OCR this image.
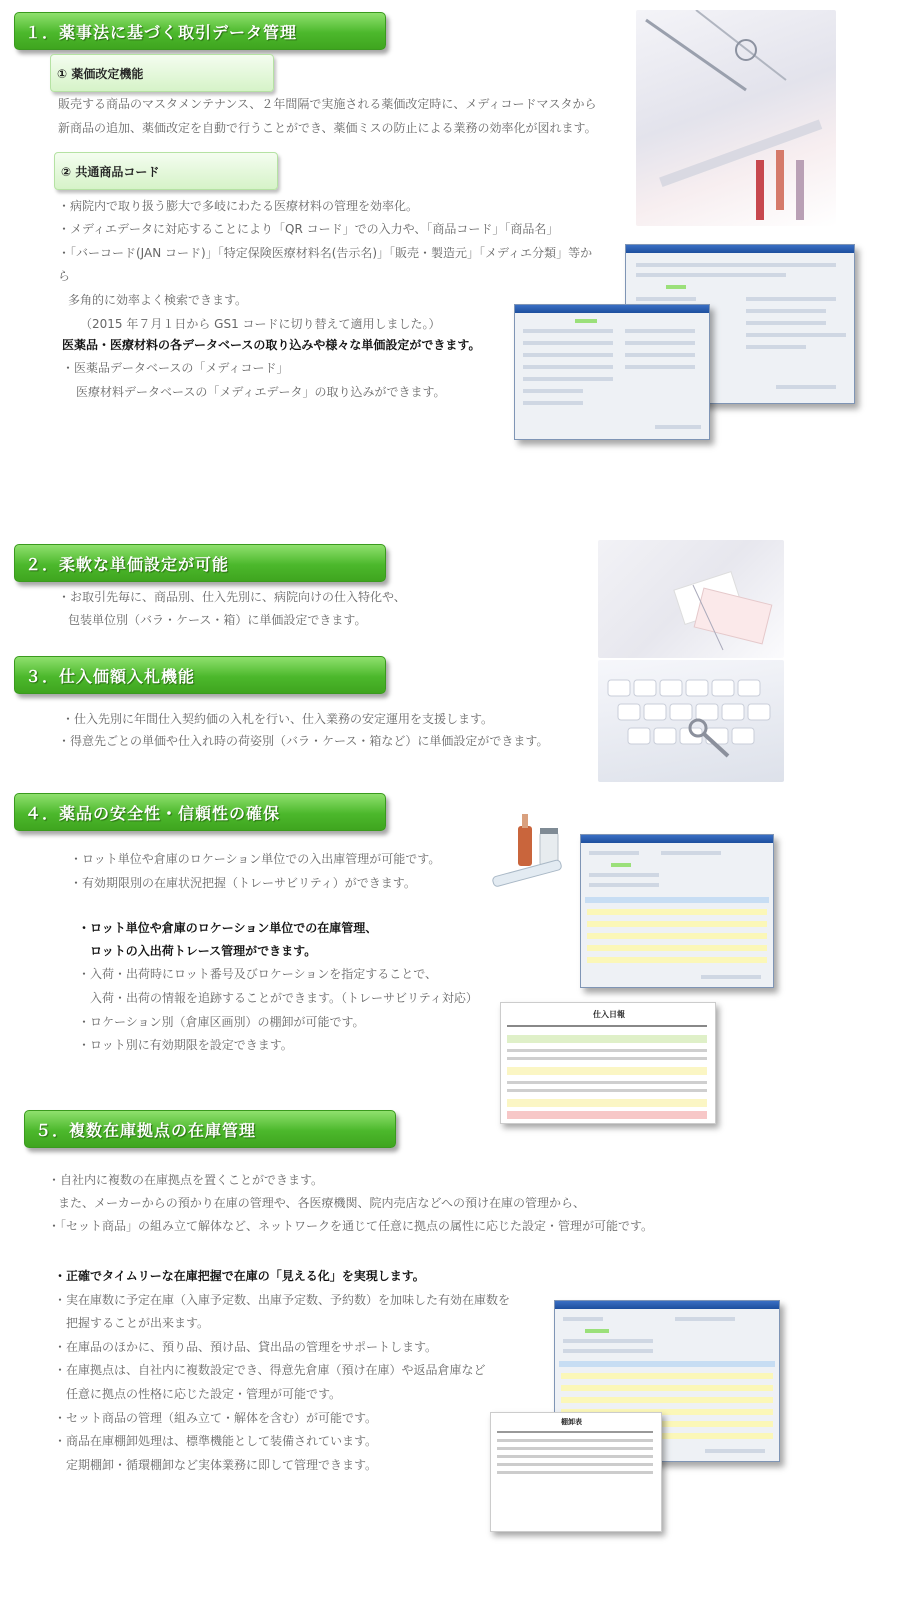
１．薬事法に基づく取引データ管理
① 薬価改定機能
販売する商品のマスタメンテナンス、２年間隔で実施される薬価改定時に、メディコードマスタから
新商品の追加、薬価改定を自動で行うことができ、薬価ミスの防止による業務の効率化が図れます。
② 共通商品コード
・病院内で取り扱う膨大で多岐にわたる医療材料の管理を効率化。
・メディエデータに対応することにより「QR コード」での入力や、「商品コード」「商品名」
・「バーコード(JAN コード)」「特定保険医療材料名(告示名)」「販売・製造元」「メディエ分類」等か
ら
多角的に効率よく検索できます。
（2015 年７月１日から GS1 コードに切り替えて適用しました。）
医薬品・医療材料の各データベースの取り込みや様々な単価設定ができます。
・医薬品データベースの「メディコード」
医療材料データベースの「メディエデータ」の取り込みができます。
２．柔軟な単価設定が可能
・お取引先毎に、商品別、仕入先別に、病院向けの仕入特化や、
包装単位別（バラ・ケース・箱）に単価設定できます。
３．仕入価額入札機能
・仕入先別に年間仕入契約価の入札を行い、仕入業務の安定運用を支援します。
・得意先ごとの単価や仕入れ時の荷姿別（バラ・ケース・箱など）に単価設定ができます。
４．薬品の安全性・信頼性の確保
・ロット単位や倉庫のロケーション単位での入出庫管理が可能です。
・有効期限別の在庫状況把握（トレーサビリティ）ができます。
・ロット単位や倉庫のロケーション単位での在庫管理、
ロットの入出荷トレース管理ができます。
・入荷・出荷時にロット番号及びロケーションを指定することで、
入荷・出荷の情報を追跡することができます。（トレーサビリティ対応）
・ロケーション別（倉庫区画別）の棚卸が可能です。
・ロット別に有効期限を設定できます。
仕入日報
５．複数在庫拠点の在庫管理
・自社内に複数の在庫拠点を置くことができます。
また、メーカーからの預かり在庫の管理や、各医療機関、院内売店などへの預け在庫の管理から、
・「セット商品」の組み立て解体など、ネットワークを通じて任意に拠点の属性に応じた設定・管理が可能です。
・正確でタイムリーな在庫把握で在庫の「見える化」を実現します。
・実在庫数に予定在庫（入庫予定数、出庫予定数、予約数）を加味した有効在庫数を
把握することが出来ます。
・在庫品のほかに、預り品、預け品、貸出品の管理をサポートします。
・在庫拠点は、自社内に複数設定でき、得意先倉庫（預け在庫）や返品倉庫など
任意に拠点の性格に応じた設定・管理が可能です。
・セット商品の管理（組み立て・解体を含む）が可能です。
・商品在庫棚卸処理は、標準機能として装備されています。
定期棚卸・循環棚卸など実体業務に即して管理できます。
棚卸表
